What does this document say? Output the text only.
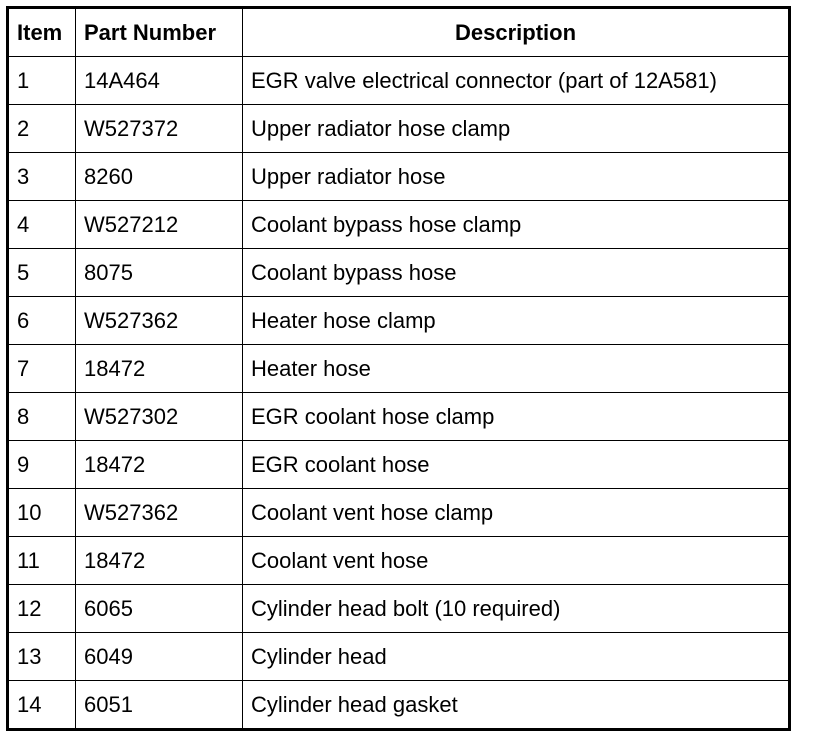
Item	Part Number	Description
1	14A464	EGR valve electrical connector (part of 12A581)
2	W527372	Upper radiator hose clamp
3	8260	Upper radiator hose
4	W527212	Coolant bypass hose clamp
5	8075	Coolant bypass hose
6	W527362	Heater hose clamp
7	18472	Heater hose
8	W527302	EGR coolant hose clamp
9	18472	EGR coolant hose
10	W527362	Coolant vent hose clamp
11	18472	Coolant vent hose
12	6065	Cylinder head bolt (10 required)
13	6049	Cylinder head
14	6051	Cylinder head gasket
